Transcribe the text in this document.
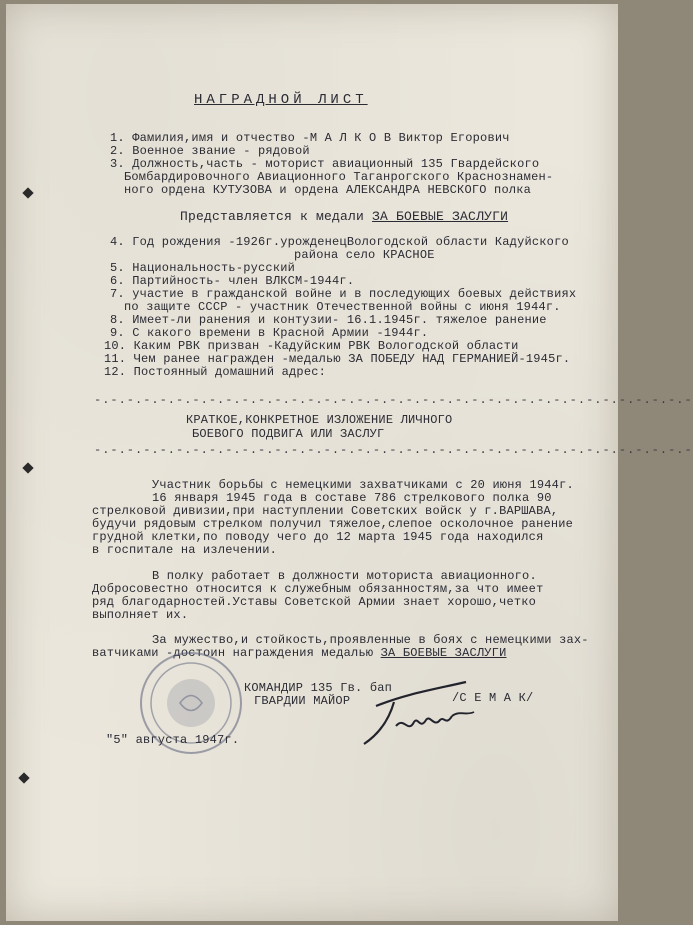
НАГРАДНОЙ ЛИСТ
1. Фамилия,имя и отчество -М А Л К О В Виктор Егорович
2. Военное звание - рядовой
3. Должность,часть - моторист авиационный 135 Гвардейского
Бомбардировочного Авиационного Таганрогского Краснознамен-
ного ордена КУТУЗОВА и ордена АЛЕКСАНДРА НЕВСКОГО полка
Представляется к медали ЗА БОЕВЫЕ ЗАСЛУГИ
4. Год рождения -1926г.урожденецВологодской области Кадуйского
района село КРАСНОЕ
5. Национальность-русский
6. Партийность- член ВЛКСМ-1944г.
7. участие в гражданской войне и в последующих боевых действиях
по защите СССР - участник Отечественной войны с июня 1944г.
8. Имеет-ли ранения и контузии- 16.1.1945г. тяжелое ранение
9. С какого времени в Красной Армии -1944г.
10. Каким РВК призван -Кадуйским РВК Вологодской области
11. Чем ранее награжден -медалью ЗА ПОБЕДУ НАД ГЕРМАНИЕЙ-1945г.
12. Постоянный домашний адрес:
-.-.-.-.-.-.-.-.-.-.-.-.-.-.-.-.-.-.-.-.-.-.-.-.-.-.-.-.-.-.-.-.-.-.-.-.-
КРАТКОЕ,КОНКРЕТНОЕ ИЗЛОЖЕНИЕ ЛИЧНОГО
БОЕВОГО ПОДВИГА ИЛИ ЗАСЛУГ
-.-.-.-.-.-.-.-.-.-.-.-.-.-.-.-.-.-.-.-.-.-.-.-.-.-.-.-.-.-.-.-.-.-.-.-.-
Участник борьбы с немецкими захватчиками с 20 июня 1944г.
16 января 1945 года в составе 786 стрелкового полка 90
стрелковой дивизии,при наступлении Советских войск у г.ВАРШАВА,
будучи рядовым стрелком получил тяжелое,слепое осколочное ранение
грудной клетки,по поводу чего до 12 марта 1945 года находился
в госпитале на излечении.
В полку работает в должности моториста авиационного.
Добросовестно относится к служебным обязанностям,за что имеет
ряд благодарностей.Уставы Советской Армии знает хорошо,четко
выполняет их.
За мужество,и стойкость,проявленные в боях с немецкими зах-
ватчиками -достоин награждения медалью ЗА БОЕВЫЕ ЗАСЛУГИ
КОМАНДИР 135 Гв. бап
ГВАРДИИ МАЙОР	/С Е М А К/
"5" августа 1947г.
